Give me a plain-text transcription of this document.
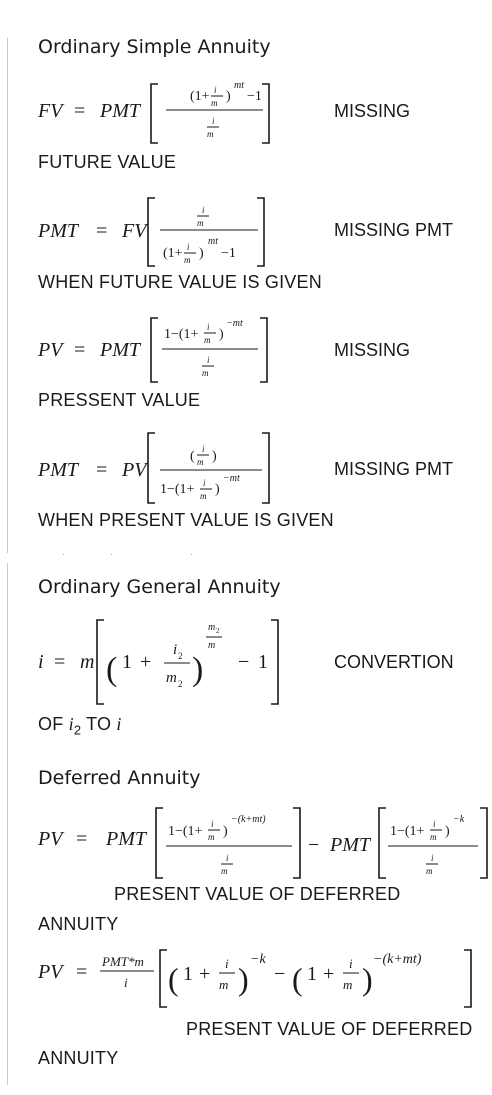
·	·	·
Ordinary Simple Annuity
Ordinary General Annuity
Deferred Annuity
MISSING
MISSING PMT
MISSING
MISSING PMT
CONVERTION
FUTURE VALUE
WHEN FUTURE VALUE IS GIVEN
PRESSENT VALUE
WHEN PRESENT VALUE IS GIVEN
OF $i_2$ TO i
PRESENT VALUE OF DEFERRED
ANNUITY
PRESENT VALUE OF DEFERRED
ANNUITY
FV = PMT
(1+ i
m )
mt
−1
i
m
PMT = FV
i
m
(1+ i
m )
mt
−1
PV = PMT
1−(1+ i
m )
−mt
i
m
PMT = PV
( i
m )
1−(1+ i
m )
−mt
i = m ( 1 +
i 2
m 2 )
m 2
m
− 1
PV = PMT 1−(1+ i
m )
−(k+mt)
i
m
− PMT
1−(1+ i
m )
−k
i
m
PV = PMT*m
i ( 1 + i
m )
−k
− ( 1 + i
m )
−(k+mt)
